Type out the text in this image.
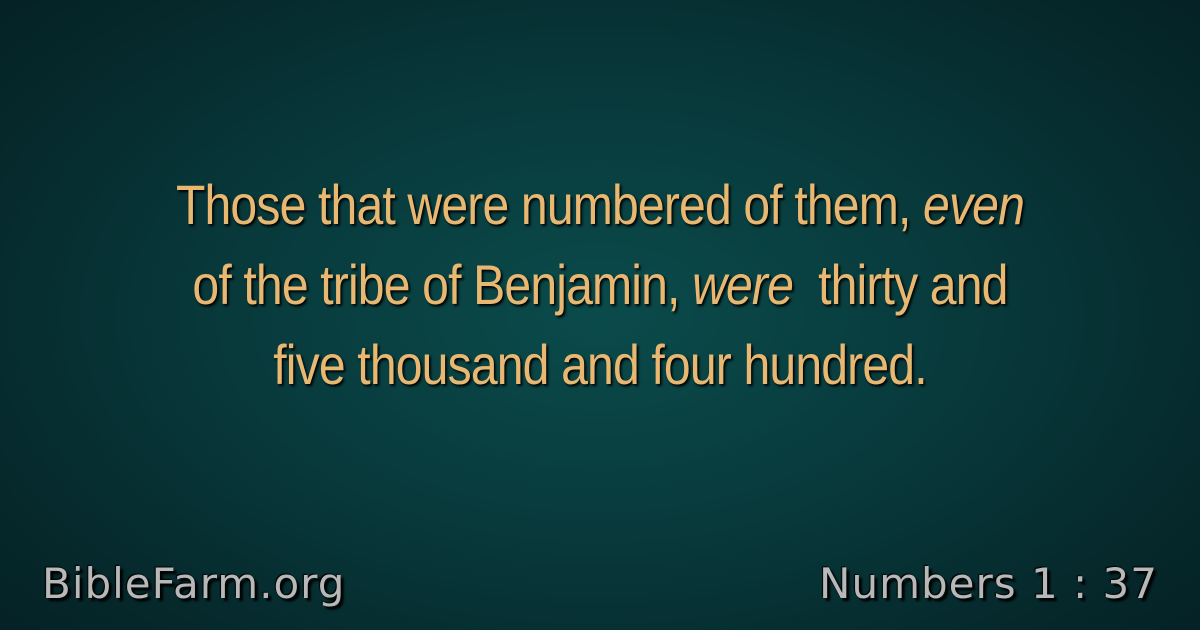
Those that were numbered of them, even
of the tribe of Benjamin, were  thirty and
five thousand and four hundred.
BibleFarm.org	Numbers 1 : 37
